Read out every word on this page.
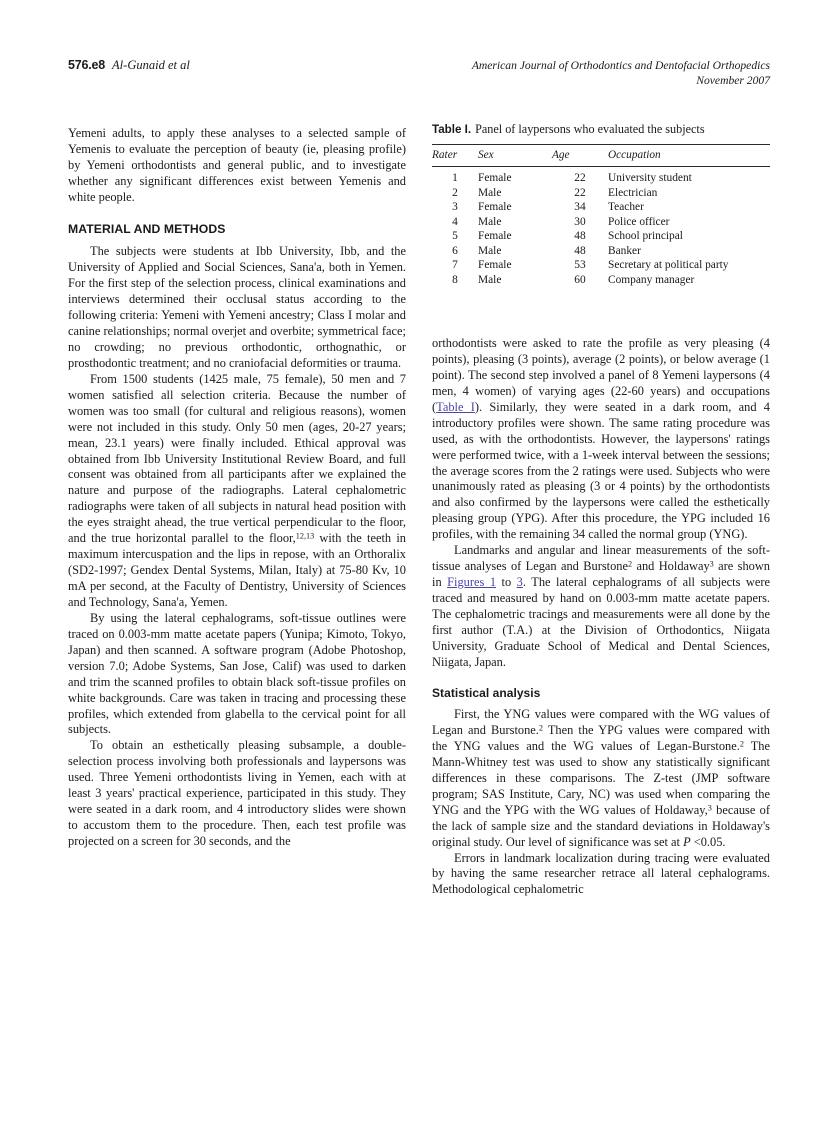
576.e8 Al-Gunaid et al	American Journal of Orthodontics and Dentofacial Orthopedics
November 2007

Yemeni adults, to apply these analyses to a selected sample of Yemenis to evaluate the perception of beauty (ie, pleasing profile) by Yemeni orthodontists and general public, and to investigate whether any significant differences exist between Yemenis and white people.

MATERIAL AND METHODS

The subjects were students at Ibb University, Ibb, and the University of Applied and Social Sciences, Sana'a, both in Yemen. For the first step of the selection process, clinical examinations and interviews determined their occlusal status according to the following criteria: Yemeni with Yemeni ancestry; Class I molar and canine relationships; normal overjet and overbite; symmetrical face; no crowding; no previous orthodontic, orthognathic, or prosthodontic treatment; and no craniofacial deformities or trauma.

From 1500 students (1425 male, 75 female), 50 men and 7 women satisfied all selection criteria. Because the number of women was too small (for cultural and religious reasons), women were not included in this study. Only 50 men (ages, 20-27 years; mean, 23.1 years) were finally included. Ethical approval was obtained from Ibb University Institutional Review Board, and full consent was obtained from all participants after we explained the nature and purpose of the radiographs. Lateral cephalometric radiographs were taken of all subjects in natural head position with the eyes straight ahead, the true vertical perpendicular to the floor, and the true horizontal parallel to the floor,$^{12,13}$ with the teeth in maximum intercuspation and the lips in repose, with an Orthoralix (SD2-1997; Gendex Dental Systems, Milan, Italy) at 75-80 Kv, 10 mA per second, at the Faculty of Dentistry, University of Sciences and Technology, Sana'a, Yemen.

By using the lateral cephalograms, soft-tissue outlines were traced on 0.003-mm matte acetate papers (Yunipa; Kimoto, Tokyo, Japan) and then scanned. A software program (Adobe Photoshop, version 7.0; Adobe Systems, San Jose, Calif) was used to darken and trim the scanned profiles to obtain black soft-tissue profiles on white backgrounds. Care was taken in tracing and processing these profiles, which extended from glabella to the cervical point for all subjects.

To obtain an esthetically pleasing subsample, a double-selection process involving both professionals and laypersons was used. Three Yemeni orthodontists living in Yemen, each with at least 3 years' practical experience, participated in this study. They were seated in a dark room, and 4 introductory slides were shown to accustom them to the procedure. Then, each test profile was projected on a screen for 30 seconds, and the

Table I. Panel of laypersons who evaluated the subjects
Rater	Sex	Age	Occupation
1	Female	22	University student
2	Male	22	Electrician
3	Female	34	Teacher
4	Male	30	Police officer
5	Female	48	School principal
6	Male	48	Banker
7	Female	53	Secretary at political party
8	Male	60	Company manager

orthodontists were asked to rate the profile as very pleasing (4 points), pleasing (3 points), average (2 points), or below average (1 point). The second step involved a panel of 8 Yemeni laypersons (4 men, 4 women) of varying ages (22-60 years) and occupations (Table I). Similarly, they were seated in a dark room, and 4 introductory profiles were shown. The same rating procedure was used, as with the orthodontists. However, the laypersons' ratings were performed twice, with a 1-week interval between the sessions; the average scores from the 2 ratings were used. Subjects who were unanimously rated as pleasing (3 or 4 points) by the orthodontists and also confirmed by the laypersons were called the esthetically pleasing group (YPG). After this procedure, the YPG included 16 profiles, with the remaining 34 called the normal group (YNG).

Landmarks and angular and linear measurements of the soft-tissue analyses of Legan and Burstone$^2$ and Holdaway$^3$ are shown in Figures 1 to 3. The lateral cephalograms of all subjects were traced and measured by hand on 0.003-mm matte acetate papers. The cephalometric tracings and measurements were all done by the first author (T.A.) at the Division of Orthodontics, Niigata University, Graduate School of Medical and Dental Sciences, Niigata, Japan.

Statistical analysis

First, the YNG values were compared with the WG values of Legan and Burstone.$^2$ Then the YPG values were compared with the YNG values and the WG values of Legan-Burstone.$^2$ The Mann-Whitney test was used to show any statistically significant differences in these comparisons. The Z-test (JMP software program; SAS Institute, Cary, NC) was used when comparing the YNG and the YPG with the WG values of Holdaway,$^3$ because of the lack of sample size and the standard deviations in Holdaway's original study. Our level of significance was set at P <0.05.

Errors in landmark localization during tracing were evaluated by having the same researcher retrace all lateral cephalograms. Methodological cephalometric
